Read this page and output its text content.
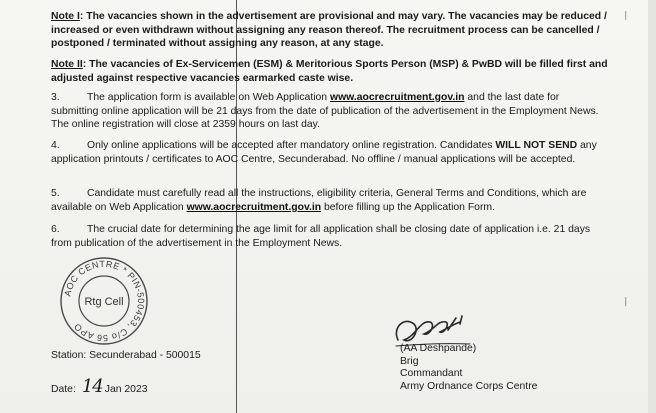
❘
❘
Note I: The vacancies shown in the advertisement are provisional and may vary. The vacancies may be reduced / increased or even withdrawn without assigning any reason thereof. The recruitment process can be cancelled / postponed / terminated without assigning any reason, at any stage.
Note II: The vacancies of Ex-Servicemen (ESM) & Meritorious Sports Person (MSP) & PwBD will be filled first and adjusted against respective vacancies earmarked caste wise.
3.	The application form is available on Web Application www.aocrecruitment.gov.in and the last date for submitting online application will be 21 days from the date of publication of the advertisement in the Employment News. The online registration will close at 2359 hours on last day.
4.	Only online applications will be accepted after mandatory online registration. Candidates WILL NOT SEND any application printouts / certificates to AOC Centre, Secunderabad. No offline / manual applications will be accepted.
5.	Candidate must carefully read all the instructions, eligibility criteria, General Terms and Conditions, which are available on Web Application www.aocrecruitment.gov.in before filling up the Application Form.
6.	The crucial date for determining the age limit for all application shall be closing date of application i.e. 21 days from publication of the advertisement in the Employment News.
AOC CENTRE * PIN-500453, C/o 56 APO
Rtg Cell
Station: Secunderabad - 500015
Date: 14 Jan 2023
(AA Deshpande)
Brig
Commandant
Army Ordnance Corps Centre
